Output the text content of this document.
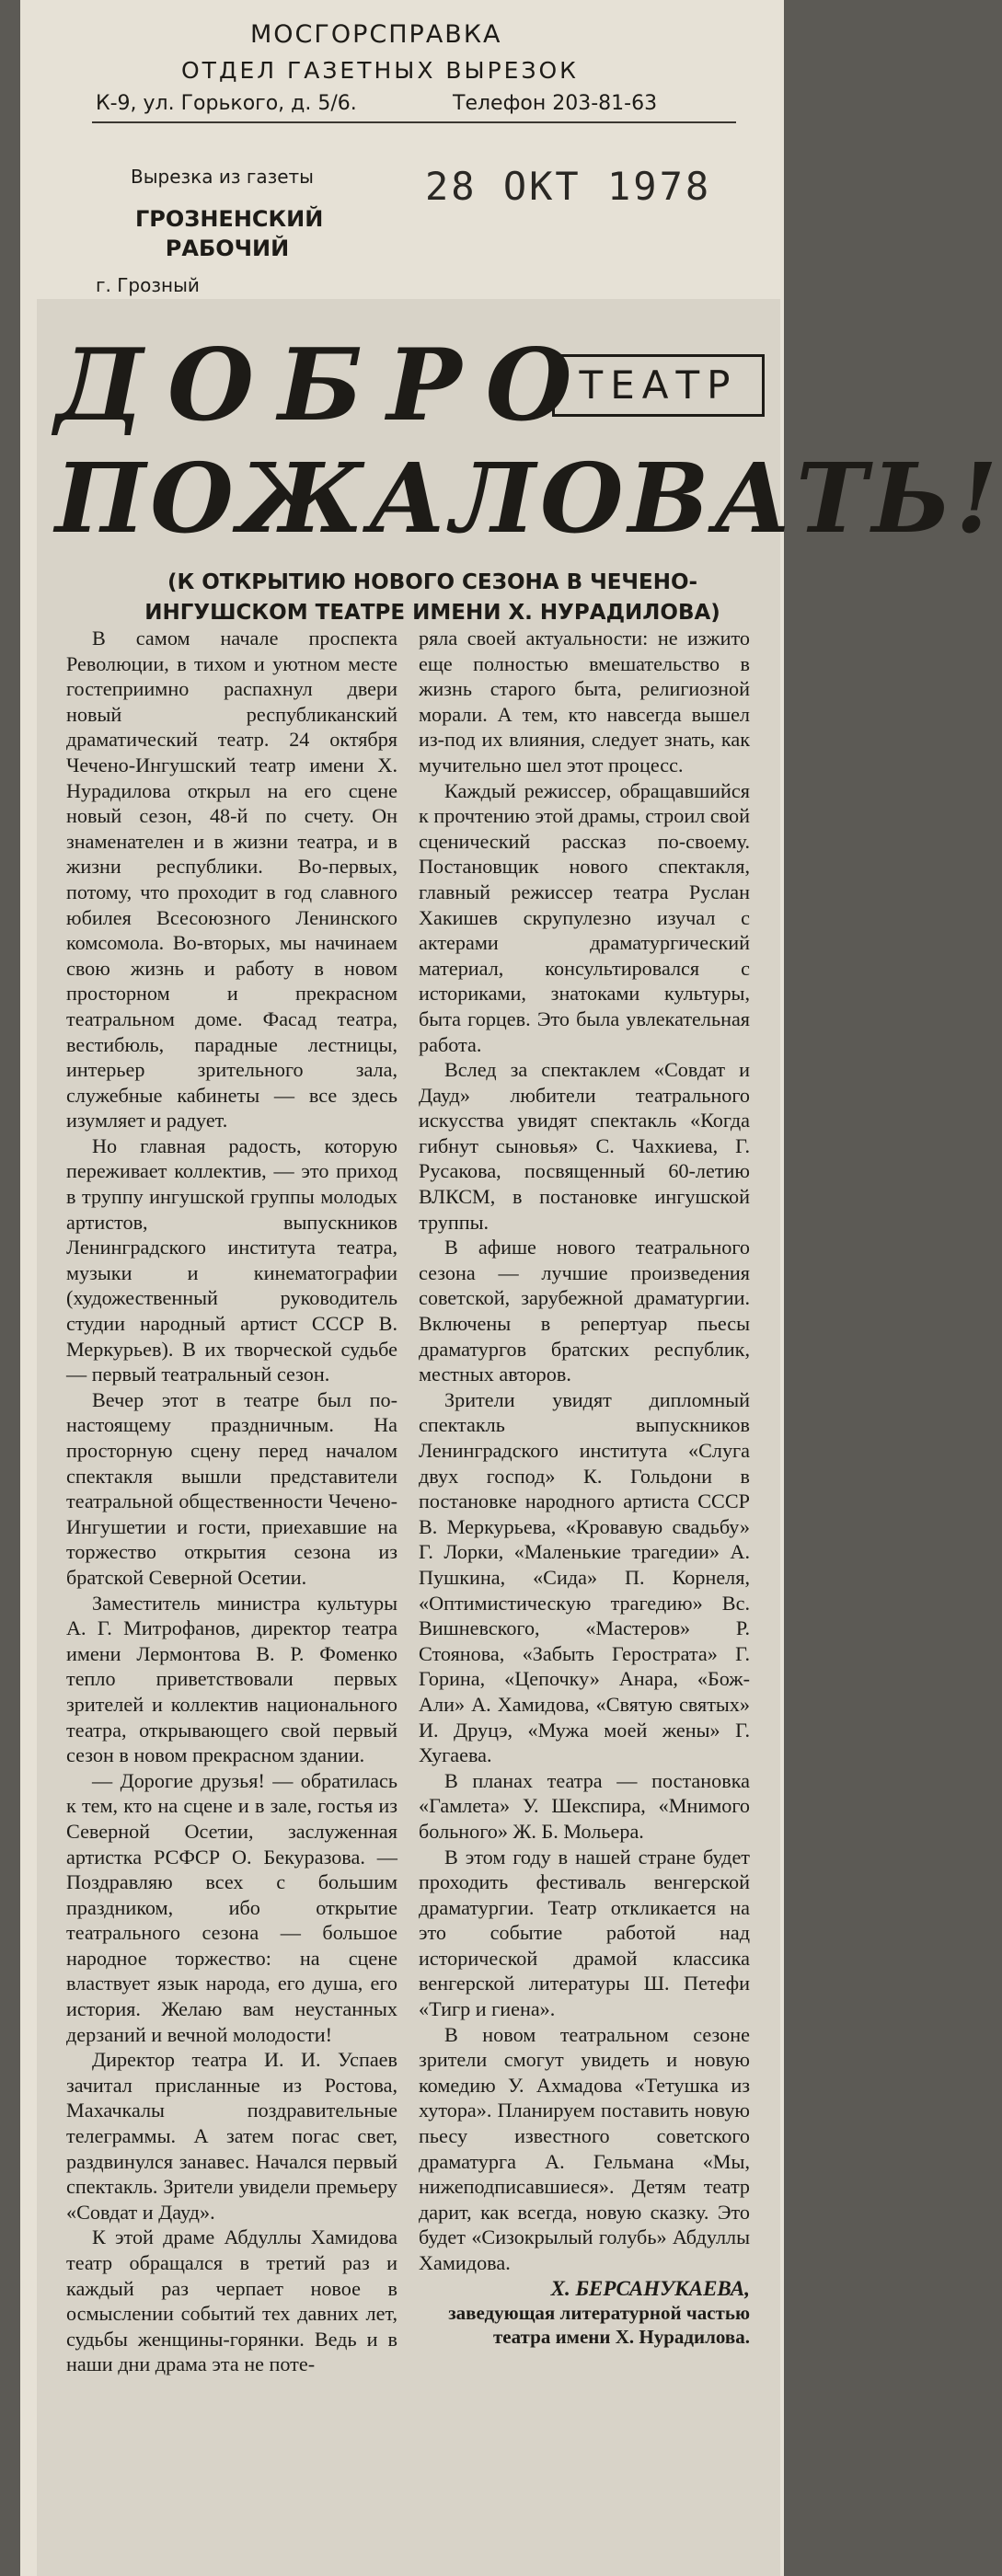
МОСГОРСПРАВКА
ОТДЕЛ ГАЗЕТНЫХ ВЫРЕЗОК
К-9, ул. Горького, д. 5/6.	Телефон 203-81-63
Вырезка из газеты
ГРОЗНЕНСКИЙ РАБОЧИЙ
28 ОКТ 1978
г. Грозный
ДОБРО
ТЕАТР
ПОЖАЛОВАТЬ!
(К ОТКРЫТИЮ НОВОГО СЕЗОНА В ЧЕЧЕНО-ИНГУШСКОМ ТЕАТРЕ ИМЕНИ Х. НУРАДИЛОВА)

В самом начале проспекта Революции, в тихом и уютном месте гостеприимно распахнул двери новый республиканский драматический театр. 24 октября Чечено-Ингушский театр имени Х. Нурадилова открыл на его сцене новый сезон, 48-й по счету. Он знаменателен и в жизни театра, и в жизни республики. Во-первых, потому, что проходит в год славного юбилея Всесоюзного Ленинского комсомола. Во-вторых, мы начинаем свою жизнь и работу в новом просторном и прекрасном театральном доме. Фасад театра, вестибюль, парадные лестницы, интерьер зрительного зала, служебные кабинеты — все здесь изумляет и радует.

Но главная радость, которую переживает коллектив, — это приход в труппу ингушской группы молодых артистов, выпускников Ленинградского института театра, музыки и кинематографии (художественный руководитель студии народный артист СССР В. Меркурьев). В их творческой судьбе — первый театральный сезон.

Вечер этот в театре был по-настоящему праздничным. На просторную сцену перед началом спектакля вышли представители театральной общественности Чечено-Ингушетии и гости, приехавшие на торжество открытия сезона из братской Северной Осетии.

Заместитель министра культуры А. Г. Митрофанов, директор театра имени Лермонтова В. Р. Фоменко тепло приветствовали первых зрителей и коллектив национального театра, открывающего свой первый сезон в новом прекрасном здании.

— Дорогие друзья! — обратилась к тем, кто на сцене и в зале, гостья из Северной Осетии, заслуженная артистка РСФСР О. Бекуразова. — Поздравляю всех с большим праздником, ибо открытие театрального сезона — большое народное торжество: на сцене властвует язык народа, его душа, его история. Желаю вам неустанных дерзаний и вечной молодости!

Директор театра И. И. Успаев зачитал присланные из Ростова, Махачкалы поздравительные телеграммы. А затем погас свет, раздвинулся занавес. Начался первый спектакль. Зрители увидели премьеру «Совдат и Дауд».

К этой драме Абдуллы Хамидова театр обращался в третий раз и каждый раз черпает новое в осмыслении событий тех давних лет, судьбы женщины-горянки. Ведь и в наши дни драма эта не поте-

ряла своей актуальности: не изжито еще полностью вмешательство в жизнь старого быта, религиозной морали. А тем, кто навсегда вышел из-под их влияния, следует знать, как мучительно шел этот процесс.

Каждый режиссер, обращавшийся к прочтению этой драмы, строил свой сценический рассказ по-своему. Постановщик нового спектакля, главный режиссер театра Руслан Хакишев скрупулезно изучал с актерами драматургический материал, консультировался с историками, знатоками культуры, быта горцев. Это была увлекательная работа.

Вслед за спектаклем «Совдат и Дауд» любители театрального искусства увидят спектакль «Когда гибнут сыновья» С. Чахкиева, Г. Русакова, посвященный 60-летию ВЛКСМ, в постановке ингушской труппы.

В афише нового театрального сезона — лучшие произведения советской, зарубежной драматургии. Включены в репертуар пьесы драматургов братских республик, местных авторов.

Зрители увидят дипломный спектакль выпускников Ленинградского института «Слуга двух господ» К. Гольдони в постановке народного артиста СССР В. Меркурьева, «Кровавую свадьбу» Г. Лорки, «Маленькие трагедии» А. Пушкина, «Сида» П. Корнеля, «Оптимистическую трагедию» Вс. Вишневского, «Мастеров» Р. Стоянова, «Забыть Герострата» Г. Горина, «Цепочку» Анара, «Бож-Али» А. Хамидова, «Святую святых» И. Друцэ, «Мужа моей жены» Г. Хугаева.

В планах театра — постановка «Гамлета» У. Шекспира, «Мнимого больного» Ж. Б. Мольера.

В этом году в нашей стране будет проходить фестиваль венгерской драматургии. Театр откликается на это событие работой над исторической драмой классика венгерской литературы Ш. Петефи «Тигр и гиена».

В новом театральном сезоне зрители смогут увидеть и новую комедию У. Ахмадова «Тетушка из хутора». Планируем поставить новую пьесу известного советского драматурга А. Гельмана «Мы, нижеподписавшиеся». Детям театр дарит, как всегда, новую сказку. Это будет «Сизокрылый голубь» Абдуллы Хамидова.

Х. БЕРСАНУКАЕВА,
заведующая литературной частью театра имени Х. Нурадилова.
